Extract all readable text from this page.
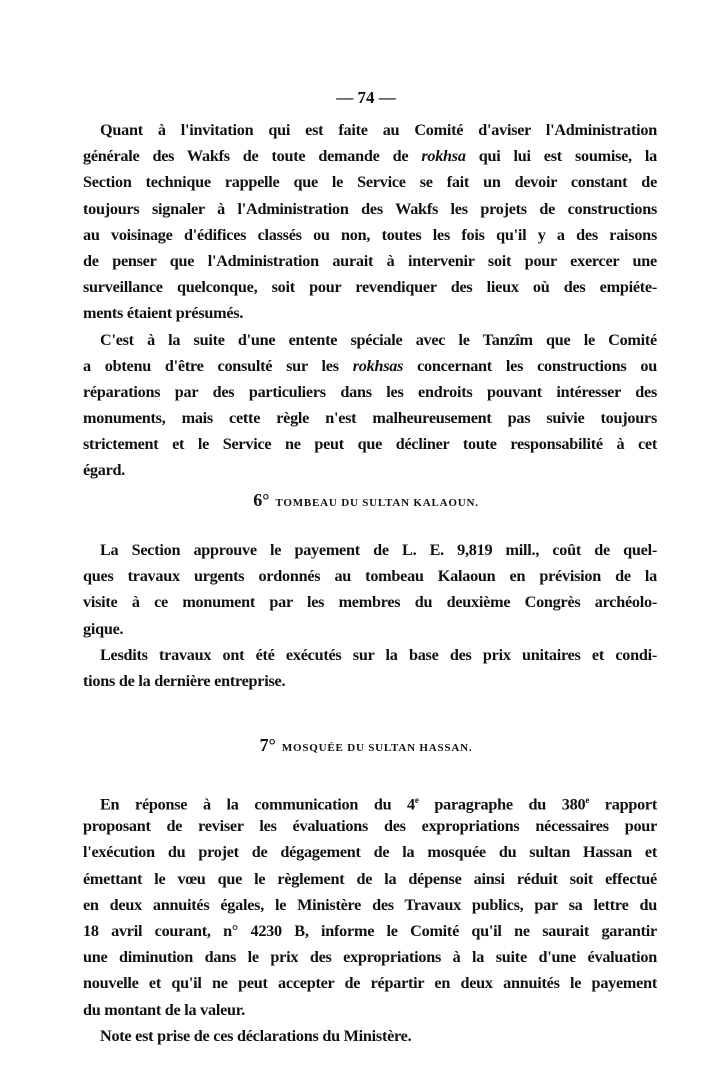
— 74 —
Quant à l'invitation qui est faite au Comité d'aviser l'Administration
générale des Wakfs de toute demande de rokhsa qui lui est soumise, la
Section technique rappelle que le Service se fait un devoir constant de
toujours signaler à l'Administration des Wakfs les projets de constructions
au voisinage d'édifices classés ou non, toutes les fois qu'il y a des raisons
de penser que l'Administration aurait à intervenir soit pour exercer une
surveillance quelconque, soit pour revendiquer des lieux où des empiéte-
ments étaient présumés.
C'est à la suite d'une entente spéciale avec le Tanzîm que le Comité
a obtenu d'être consulté sur les rokhsas concernant les constructions ou
réparations par des particuliers dans les endroits pouvant intéresser des
monuments, mais cette règle n'est malheureusement pas suivie toujours
strictement et le Service ne peut que décliner toute responsabilité à cet
égard.
6° TOMBEAU DU SULTAN KALAOUN.
La Section approuve le payement de L. E. 9,819 mill., coût de quel-
ques travaux urgents ordonnés au tombeau Kalaoun en prévision de la
visite à ce monument par les membres du deuxième Congrès archéolo-
gique.
Lesdits travaux ont été exécutés sur la base des prix unitaires et condi-
tions de la dernière entreprise.
7° MOSQUÉE DU SULTAN HASSAN.
En réponse à la communication du 4e paragraphe du 380e rapport
proposant de reviser les évaluations des expropriations nécessaires pour
l'exécution du projet de dégagement de la mosquée du sultan Hassan et
émettant le vœu que le règlement de la dépense ainsi réduit soit effectué
en deux annuités égales, le Ministère des Travaux publics, par sa lettre du
18 avril courant, n° 4230 B, informe le Comité qu'il ne saurait garantir
une diminution dans le prix des expropriations à la suite d'une évaluation
nouvelle et qu'il ne peut accepter de répartir en deux annuités le payement
du montant de la valeur.
Note est prise de ces déclarations du Ministère.
